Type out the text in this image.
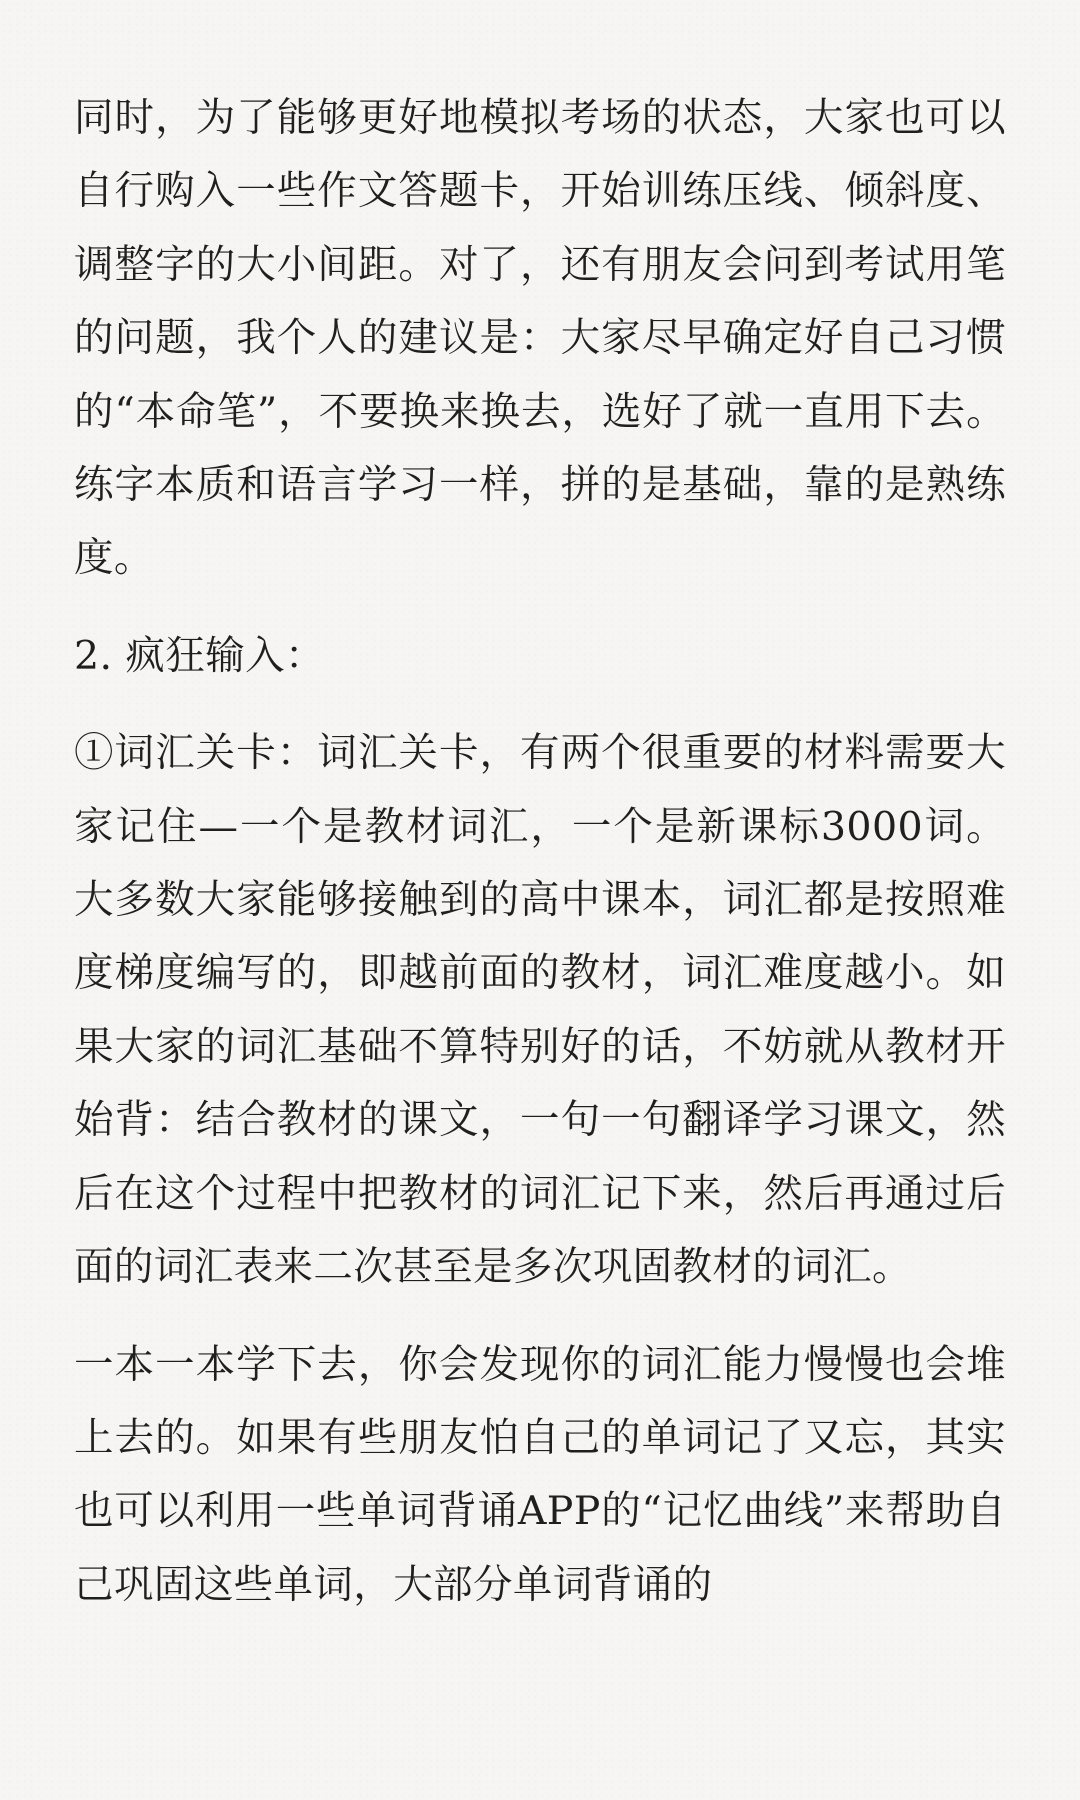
同时，为了能够更好地模拟考场的状态，大家也可以自行购入一些作文答题卡，开始训练压线、倾斜度、调整字的大小间距。对了，还有朋友会问到考试用笔的问题，我个人的建议是：大家尽早确定好自己习惯的“本命笔”，不要换来换去，选好了就一直用下去。练字本质和语言学习一样，拼的是基础，靠的是熟练度。

2. 疯狂输入：

①词汇关卡：词汇关卡，有两个很重要的材料需要大家记住—一个是教材词汇，一个是新课标3000词。大多数大家能够接触到的高中课本，词汇都是按照难度梯度编写的，即越前面的教材，词汇难度越小。如果大家的词汇基础不算特别好的话，不妨就从教材开始背：结合教材的课文，一句一句翻译学习课文，然后在这个过程中把教材的词汇记下来，然后再通过后面的词汇表来二次甚至是多次巩固教材的词汇。

一本一本学下去，你会发现你的词汇能力慢慢也会堆上去的。如果有些朋友怕自己的单词记了又忘，其实也可以利用一些单词背诵APP的“记忆曲线”来帮助自己巩固这些单词，大部分单词背诵的
